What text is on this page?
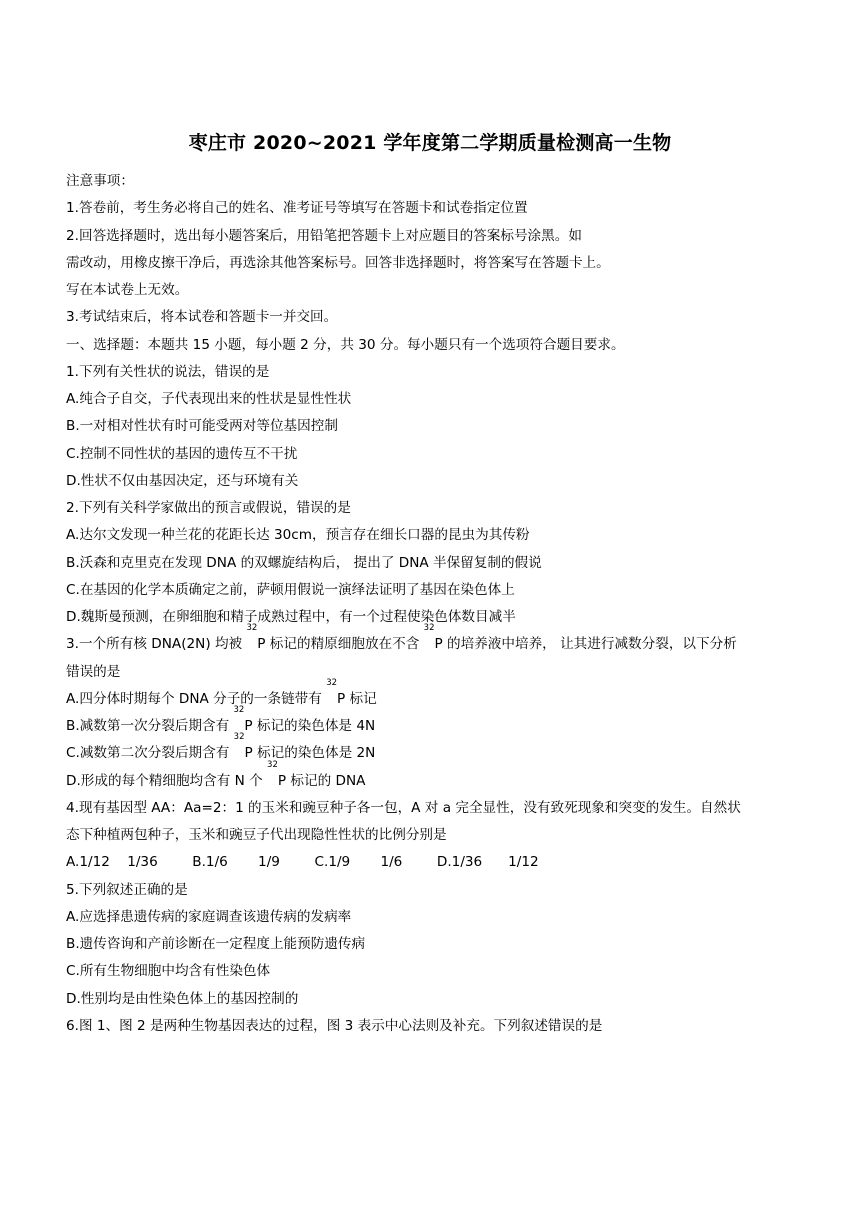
枣庄市 2020~2021 学年度第二学期质量检测高一生物
注意事项：
1.答卷前，考生务必将自己的姓名、准考证号等填写在答题卡和试卷指定位置
2.回答选择题时，选出每小题答案后，用铅笔把答题卡上对应题目的答案标号涂黑。如
需改动，用橡皮擦干净后，再选涂其他答案标号。回答非选择题时，将答案写在答题卡上。
写在本试卷上无效。
3.考试结束后，将本试卷和答题卡一并交回。
一、选择题：本题共 15 小题，每小题 2 分，共 30 分。每小题只有一个选项符合题目要求。
1.下列有关性状的说法，错误的是
A.纯合子自交，子代表现出来的性状是显性性状
B.一对相对性状有时可能受两对等位基因控制
C.控制不同性状的基因的遗传互不干扰
D.性状不仅由基因决定，还与环境有关
2.下列有关科学家做出的预言或假说，错误的是
A.达尔文发现一种兰花的花距长达 30cm，预言存在细长口器的昆虫为其传粉
B.沃森和克里克在发现 DNA 的双螺旋结构后， 提出了 DNA 半保留复制的假说
C.在基因的化学本质确定之前，萨顿用假说一演绎法证明了基因在染色体上
D.魏斯曼预测，在卵细胞和精子成熟过程中，有一个过程使染色体数目减半
3.一个所有核 DNA(2N) 均被 $^{32}$P 标记的精原细胞放在不含 $^{32}$P 的培养液中培养， 让其进行减数分裂，以下分析
错误的是
A.四分体时期每个 DNA 分子的一条链带有 $^{32}$P 标记
B.减数第一次分裂后期含有 $^{32}$P 标记的染色体是 4N
C.减数第二次分裂后期含有 $^{32}$P 标记的染色体是 2N
D.形成的每个精细胞均含有 N 个 $^{32}$P 标记的 DNA
4.现有基因型 AA：Aa=2：1 的玉米和豌豆种子各一包，A 对 a 完全显性，没有致死现象和突变的发生。自然状
态下种植两包种子，玉米和豌豆子代出现隐性性状的比例分别是
A.1/12    1/36        B.1/6       1/9        C.1/9       1/6        D.1/36      1/12
5.下列叙述正确的是
A.应选择患遗传病的家庭调查该遗传病的发病率
B.遗传咨询和产前诊断在一定程度上能预防遗传病
C.所有生物细胞中均含有性染色体
D.性别均是由性染色体上的基因控制的
6.图 1、图 2 是两种生物基因表达的过程，图 3 表示中心法则及补充。下列叙述错误的是
